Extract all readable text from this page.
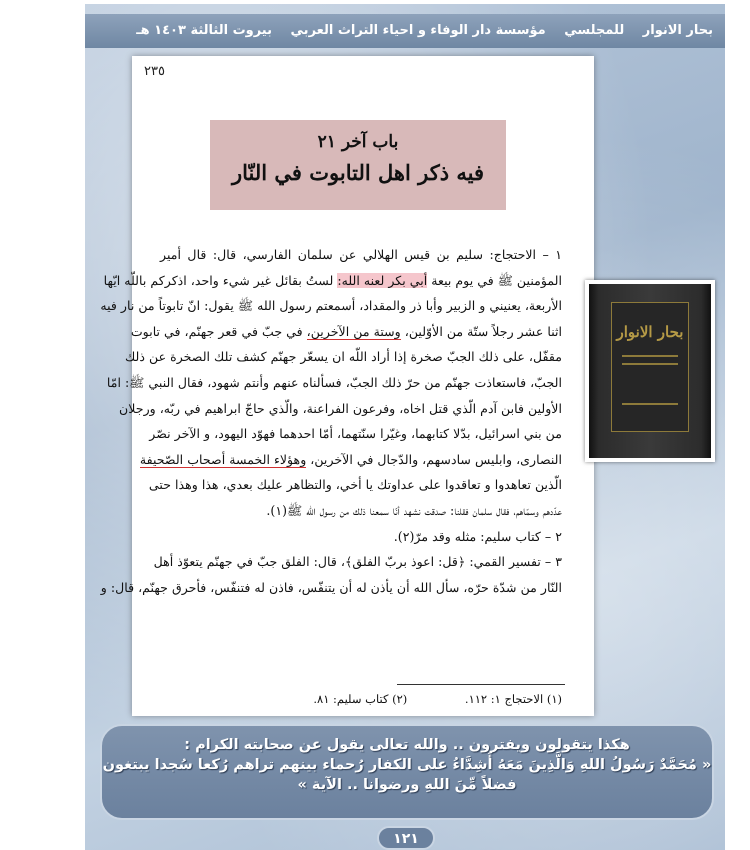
بحار الانوار للمجلسي مؤسسة دار الوفاء و احياء التراث العربي بيروت الثالثة ١٤٠٣ هـ
٢٣٥
باب آخر ٢١
فيه ذكر اهل التابوت في النّار
١ – الاحتجاج: سليم بن قيس الهلالي عن سلمان الفارسي، قال: قال أمير
المؤمنين ﷺ في يوم بيعة أبي بكر لعنه الله: لستُ بقائل غير شيء واحد، اذكركم باللّه ايّها
الأربعة، يعنيني و الزبير وأبا ذر والمقداد، أسمعتم رسول الله ﷺ يقول: انّ تابوتاً من نار فيه
اثنا عشر رجلاً ستّة من الأوّلين، وستة من الآخرين، في جبّ في قعر جهنّم، في تابوت
مقفّل، على ذلك الجبّ صخرة إذا أراد اللّه ان يسعّر جهنّم كشف تلك الصخرة عن ذلك
الجبّ، فاستعاذت جهنّم من حرّ ذلك الجبّ، فسألناه عنهم وأنتم شهود، فقال النبي ﷺ: امّا
الأولين فابن آدم الّذي قتل اخاه، وفرعون الفراعنة، والّذي حاجّ ابراهيم في ربّه، ورجلان
من بني اسرائيل، بدّلا كتابهما، وغيّرا سنّتهما، أمّا احدهما فهوّد اليهود، و الآخر نصّر
النصارى، وابليس سادسهم، والدّجال في الآخرين، وهؤلاء الخمسة أصحاب الصّحيفة
الّذين تعاهدوا و تعاقدوا على عداوتك يا أخي، والتظاهر عليك بعدي، هذا وهذا حتى
عدّدهم وسمّاهم، فقال سلمان فقلنا: صدقت نشهد أنّا سمعنا ذلك من رسول الله ﷺ(١).
٢ – كتاب سليم: مثله وقد مرّ(٢).
٣ – تفسير القمي: ﴿قل: اعوذ بربّ الفلق﴾، قال: الفلق جبّ في جهنّم يتعوّذ أهل
النّار من شدّة حرّه، سأل الله أن يأذن له أن يتنفّس، فاذن له فتنفّس، فأحرق جهنّم، قال: و
(١) الاحتجاج ١: ١١٢. (٢) كتاب سليم: ٨١.
بحار الانوار
هكذا يتقولون ويفترون .. والله تعالى يقول عن صحابته الكرام :
« مُحَمَّدٌ رَسُولُ اللهِ وَالَّذِينَ مَعَهُ أَشِدَّاءُ على الكفار رُحماء بينهم تراهم رُكعا سُجدا يبتغون
فضلاً مِّنَ اللهِ ورضوانا .. الآية »
١٢١
